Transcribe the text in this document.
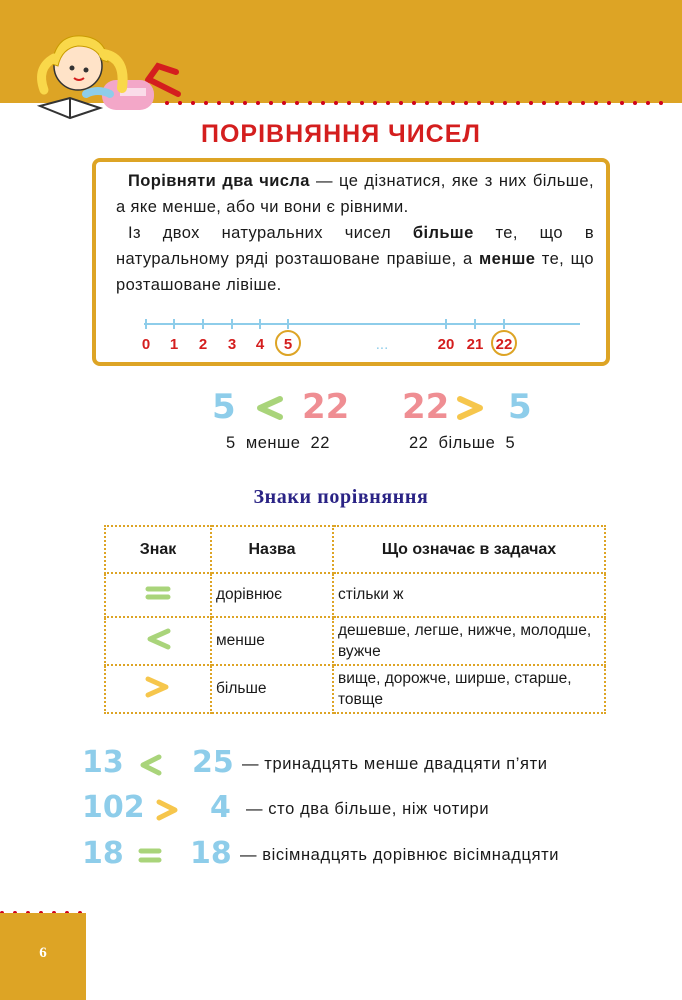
ПОРІВНЯННЯ ЧИСЕЛ

Порівняти два числа — це дізнатися, яке з них більше, а яке менше, або чи вони є рівними.

Із двох натуральних чисел більше те, що в натуральному ряді розташоване правіше, а менше те, що розташоване лівіше.

0 1 2 3 4 5	20 21 22
...
5 22
5  менше  22
22 5
22  більше  5
Знаки порівняння
Знак	Назва	Що означає в задачах
	дорівнює	стільки ж
	менше	дешевше, легше, нижче, молодше, вужче
	більше	вище, дорожче, ширше, старше, товще
13 25 — тринадцять менше двадцяти п’яти
102 4 — сто два більше, ніж чотири
18 18 — вісімнадцять дорівнює вісімнадцяти
6
